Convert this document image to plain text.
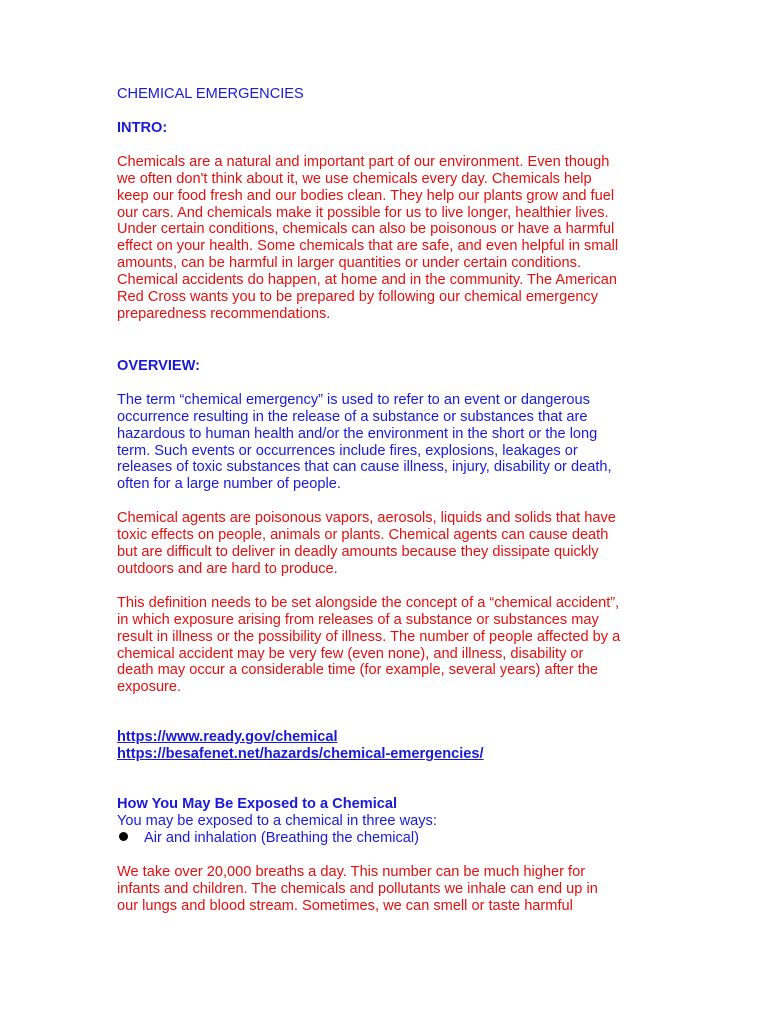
CHEMICAL EMERGENCIES
INTRO:
Chemicals are a natural and important part of our environment. Even though
we often don't think about it, we use chemicals every day. Chemicals help
keep our food fresh and our bodies clean. They help our plants grow and fuel
our cars. And chemicals make it possible for us to live longer, healthier lives.
Under certain conditions, chemicals can also be poisonous or have a harmful
effect on your health. Some chemicals that are safe, and even helpful in small
amounts, can be harmful in larger quantities or under certain conditions.
Chemical accidents do happen, at home and in the community. The American
Red Cross wants you to be prepared by following our chemical emergency
preparedness recommendations.
OVERVIEW:
The term “chemical emergency” is used to refer to an event or dangerous
occurrence resulting in the release of a substance or substances that are
hazardous to human health and/or the environment in the short or the long
term. Such events or occurrences include fires, explosions, leakages or
releases of toxic substances that can cause illness, injury, disability or death,
often for a large number of people.
Chemical agents are poisonous vapors, aerosols, liquids and solids that have
toxic effects on people, animals or plants. Chemical agents can cause death
but are difficult to deliver in deadly amounts because they dissipate quickly
outdoors and are hard to produce.
This definition needs to be set alongside the concept of a “chemical accident”,
in which exposure arising from releases of a substance or substances may
result in illness or the possibility of illness. The number of people affected by a
chemical accident may be very few (even none), and illness, disability or
death may occur a considerable time (for example, several years) after the
exposure.
https://www.ready.gov/chemical
https://besafenet.net/hazards/chemical-emergencies/
How You May Be Exposed to a Chemical
You may be exposed to a chemical in three ways:
Air and inhalation (Breathing the chemical)
We take over 20,000 breaths a day. This number can be much higher for
infants and children. The chemicals and pollutants we inhale can end up in
our lungs and blood stream. Sometimes, we can smell or taste harmful
